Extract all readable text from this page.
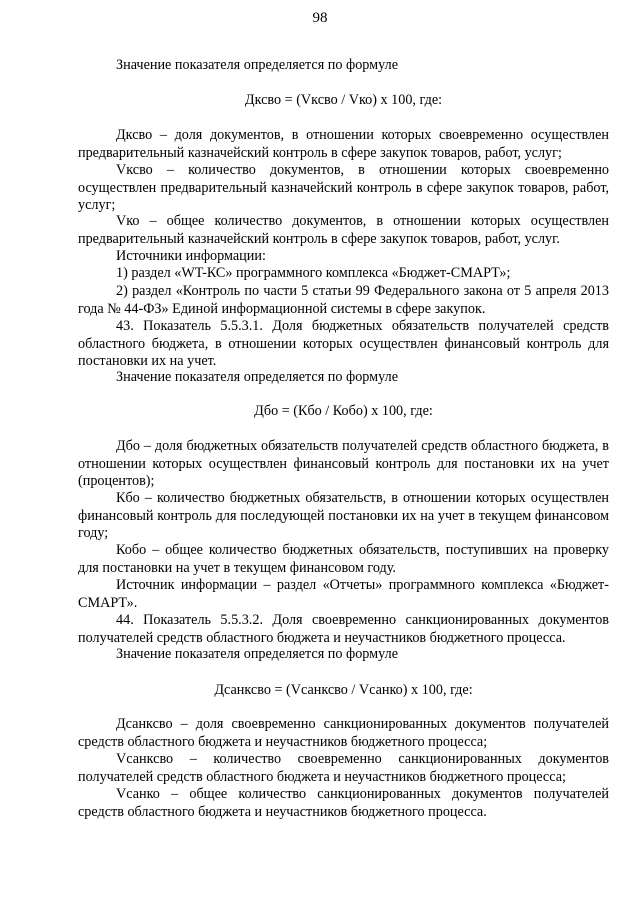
98

Значение показателя определяется по формуле

Дксво = (Vксво / Vко) x 100, где:

Дксво – доля документов, в отношении которых своевременно осуществлен предварительный казначейский контроль в сфере закупок товаров, работ, услуг;

Vксво – количество документов, в отношении которых своевременно осуществлен предварительный казначейский контроль в сфере закупок товаров, работ, услуг;

Vко – общее количество документов, в отношении которых осуществлен предварительный казначейский контроль в сфере закупок товаров, работ, услуг.

Источники информации:

1) раздел «WT-КС» программного комплекса «Бюджет-СМАРТ»;

2) раздел «Контроль по части 5 статьи 99 Федерального закона от 5 апреля 2013 года № 44-ФЗ» Единой информационной системы в сфере закупок.

43. Показатель 5.5.3.1. Доля бюджетных обязательств получателей средств областного бюджета, в отношении которых осуществлен финансовый контроль для постановки их на учет.

Значение показателя определяется по формуле

Дбо = (Кбо / Кобо) x 100, где:

Дбо – доля бюджетных обязательств получателей средств областного бюджета, в отношении которых осуществлен финансовый контроль для постановки их на учет (процентов);

Кбо – количество бюджетных обязательств, в отношении которых осуществлен финансовый контроль для последующей постановки их на учет в текущем финансовом году;

Кобо – общее количество бюджетных обязательств, поступивших на проверку для постановки на учет в текущем финансовом году.

Источник информации – раздел «Отчеты» программного комплекса «Бюджет-СМАРТ».

44. Показатель 5.5.3.2. Доля своевременно санкционированных документов получателей средств областного бюджета и неучастников бюджетного процесса.

Значение показателя определяется по формуле

Дсанксво = (Vсанксво / Vсанко) x 100, где:

Дсанксво – доля своевременно санкционированных документов получателей средств областного бюджета и неучастников бюджетного процесса;

Vсанксво – количество своевременно санкционированных документов получателей средств областного бюджета и неучастников бюджетного процесса;

Vсанко – общее количество санкционированных документов получателей средств областного бюджета и неучастников бюджетного процесса.
